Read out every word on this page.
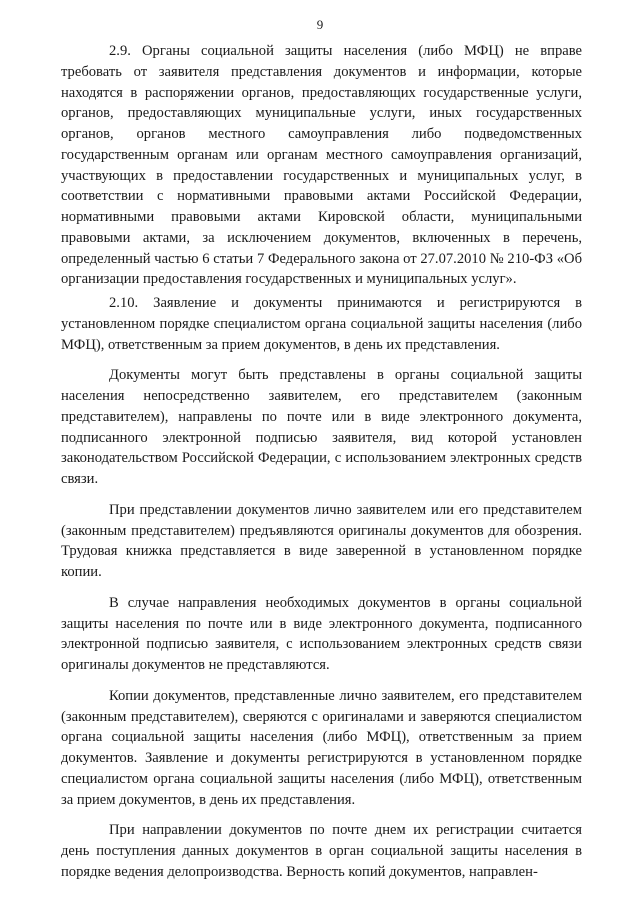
9

2.9. Органы социальной защиты населения (либо МФЦ) не вправе требовать от заявителя представления документов и информации, которые находятся в распоряжении органов, предоставляющих государственные услуги, органов, предоставляющих муниципальные услуги, иных государственных органов, органов местного самоуправления либо подведомственных государственным органам или органам местного самоуправления организаций, участвующих в предоставлении государственных и муниципальных услуг, в соответствии с нормативными правовыми актами Российской Федерации, нормативными правовыми актами Кировской области, муниципальными правовыми актами, за исключением документов, включенных в перечень, определенный частью 6 статьи 7 Федерального закона от 27.07.2010 № 210-ФЗ «Об организации предоставления государственных и муниципальных услуг».

2.10. Заявление и документы принимаются и регистрируются в установленном порядке специалистом органа социальной защиты населения (либо МФЦ), ответственным за прием документов, в день их представления.

Документы могут быть представлены в органы социальной защиты населения непосредственно заявителем, его представителем (законным представителем), направлены по почте или в виде электронного документа, подписанного электронной подписью заявителя, вид которой установлен законодательством Российской Федерации, с использованием электронных средств связи.

При представлении документов лично заявителем или его представителем (законным представителем) предъявляются оригиналы документов для обозрения. Трудовая книжка представляется в виде заверенной в установленном порядке копии.

В случае направления необходимых документов в органы социальной защиты населения по почте или в виде электронного документа, подписанного электронной подписью заявителя, с использованием электронных средств связи оригиналы документов не представляются.

Копии документов, представленные лично заявителем, его представителем (законным представителем), сверяются с оригиналами и заверяются специалистом органа социальной защиты населения (либо МФЦ), ответственным за прием документов. Заявление и документы регистрируются в установленном порядке специалистом органа социальной защиты населения (либо МФЦ), ответственным за прием документов, в день их представления.

При направлении документов по почте днем их регистрации считается день поступления данных документов в орган социальной защиты населения в порядке ведения делопроизводства. Верность копий документов, направлен-
